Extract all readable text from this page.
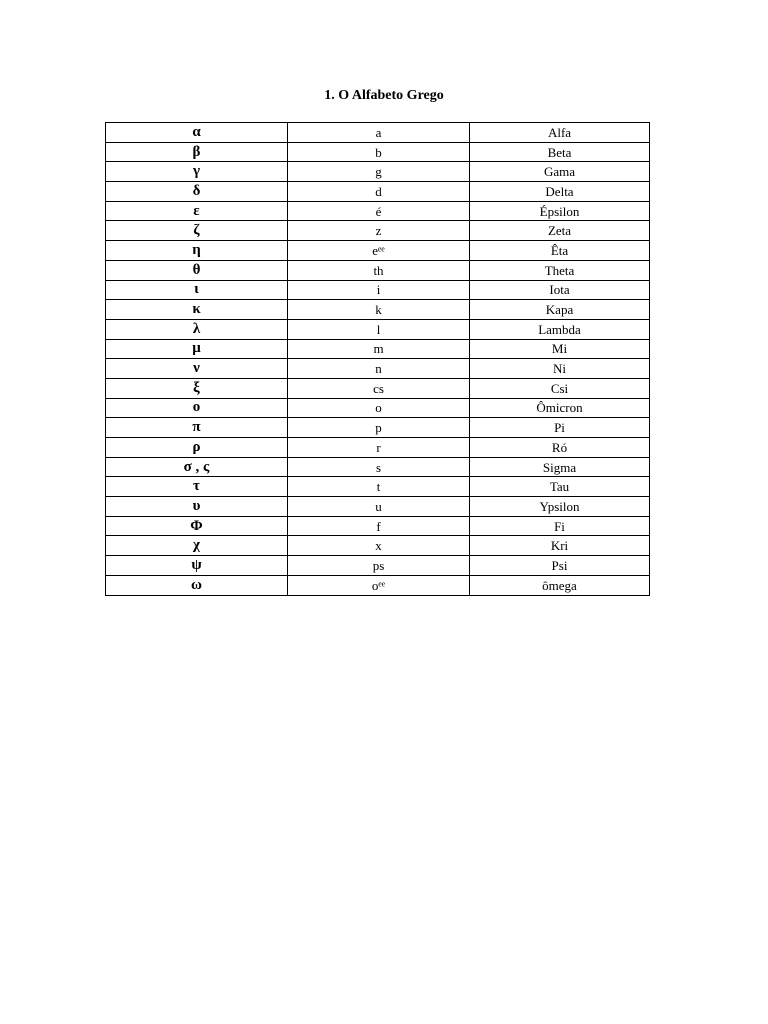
1. O Alfabeto Grego
α	a	Alfa
β	b	Beta
γ	g	Gama
δ	d	Delta
ε	é	Épsilon
ζ	z	Zeta
η	eᵉᵉ	Êta
θ	th	Theta
ι	i	Iota
κ	k	Kapa
λ	l	Lambda
μ	m	Mi
ν	n	Ni
ξ	cs	Csi
ο	o	Ômicron
π	p	Pi
ρ	r	Ró
σ , ς	s	Sigma
τ	t	Tau
υ	u	Ypsilon
Φ	f	Fi
χ	x	Kri
ψ	ps	Psi
ω	oᵉᵉ	ômega
